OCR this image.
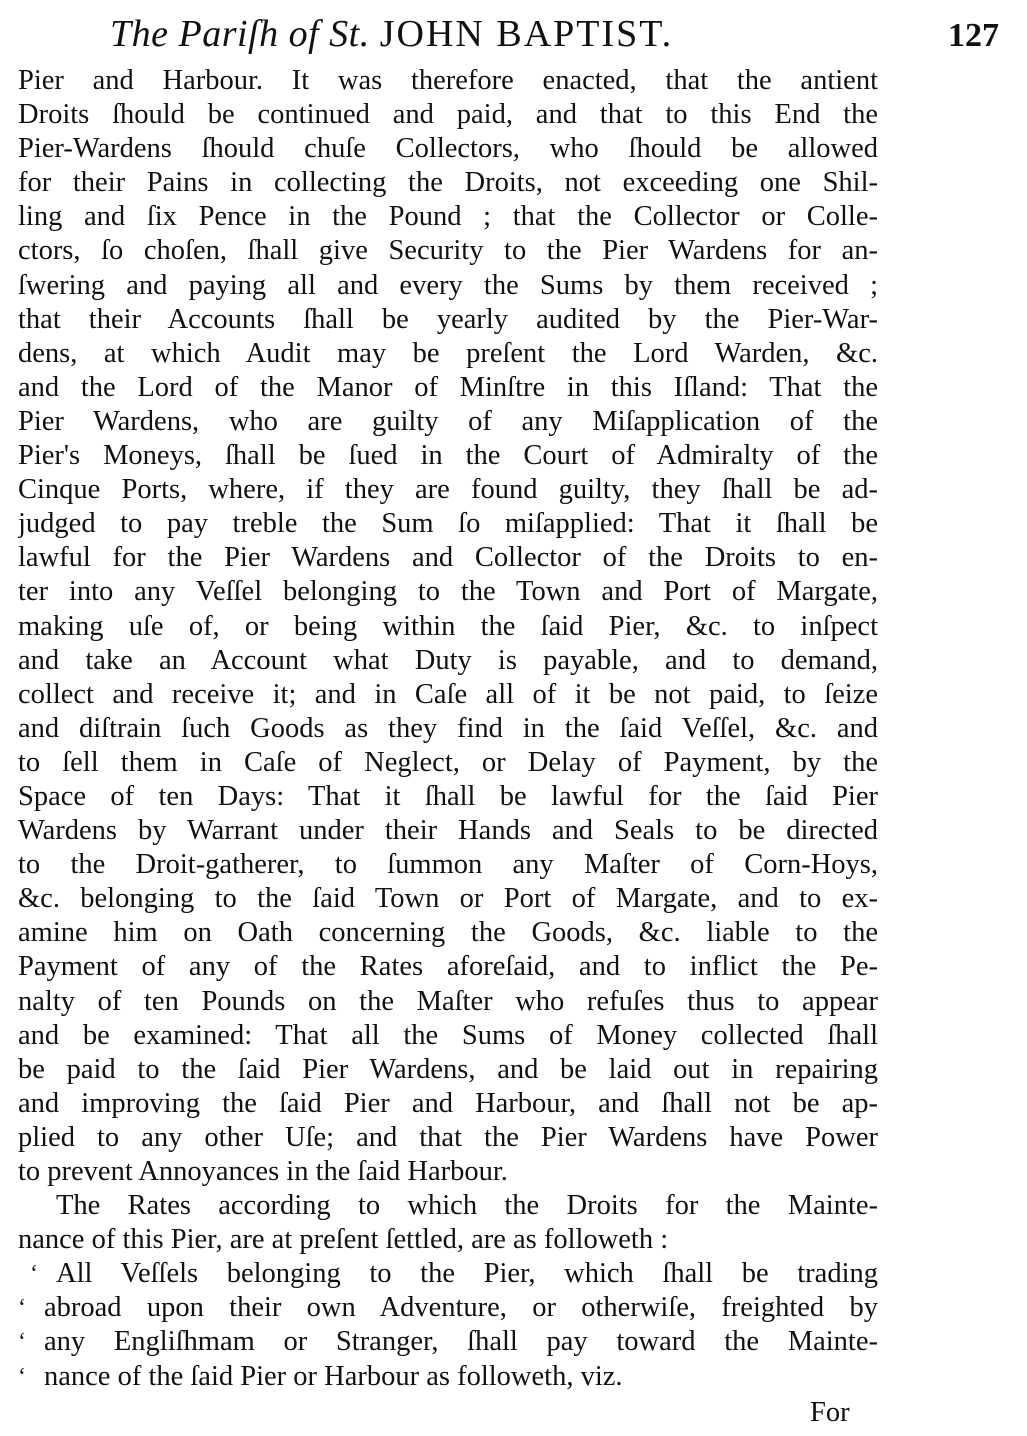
The Pariſh of St. JOHN BAPTIST.	127
Pier and Harbour. It was therefore enacted, that the antient
Droits ſhould be continued and paid, and that to this End the
Pier-Wardens ſhould chuſe Collectors, who ſhould be allowed
for their Pains in collecting the Droits, not exceeding one Shil-
ling and ſix Pence in the Pound ; that the Collector or Colle-
ctors, ſo choſen, ſhall give Security to the Pier Wardens for an-
ſwering and paying all and every the Sums by them received ;
that their Accounts ſhall be yearly audited by the Pier-War-
dens, at which Audit may be preſent the Lord Warden, &c.
and the Lord of the Manor of Minſtre in this Iſland: That the
Pier Wardens, who are guilty of any Miſapplication of the
Pier's Moneys, ſhall be ſued in the Court of Admiralty of the
Cinque Ports, where, if they are found guilty, they ſhall be ad-
judged to pay treble the Sum ſo miſapplied: That it ſhall be
lawful for the Pier Wardens and Collector of the Droits to en-
ter into any Veſſel belonging to the Town and Port of Margate,
making uſe of, or being within the ſaid Pier, &c. to inſpect
and take an Account what Duty is payable, and to demand,
collect and receive it; and in Caſe all of it be not paid, to ſeize
and diſtrain ſuch Goods as they find in the ſaid Veſſel, &c. and
to ſell them in Caſe of Neglect, or Delay of Payment, by the
Space of ten Days: That it ſhall be lawful for the ſaid Pier
Wardens by Warrant under their Hands and Seals to be directed
to the Droit-gatherer, to ſummon any Maſter of Corn-Hoys,
&c. belonging to the ſaid Town or Port of Margate, and to ex-
amine him on Oath concerning the Goods, &c. liable to the
Payment of any of the Rates aforeſaid, and to inflict the Pe-
nalty of ten Pounds on the Maſter who refuſes thus to appear
and be examined: That all the Sums of Money collected ſhall
be paid to the ſaid Pier Wardens, and be laid out in repairing
and improving the ſaid Pier and Harbour, and ſhall not be ap-
plied to any other Uſe; and that the Pier Wardens have Power
to prevent Annoyances in the ſaid Harbour.
The Rates according to which the Droits for the Mainte-
nance of this Pier, are at preſent ſettled, are as followeth :
‘ All Veſſels belonging to the Pier, which ſhall be trading
‘ abroad upon their own Adventure, or otherwiſe, freighted by
‘ any Engliſhmam or Stranger, ſhall pay toward the Mainte-
‘ nance of the ſaid Pier or Harbour as followeth, viz.
For
